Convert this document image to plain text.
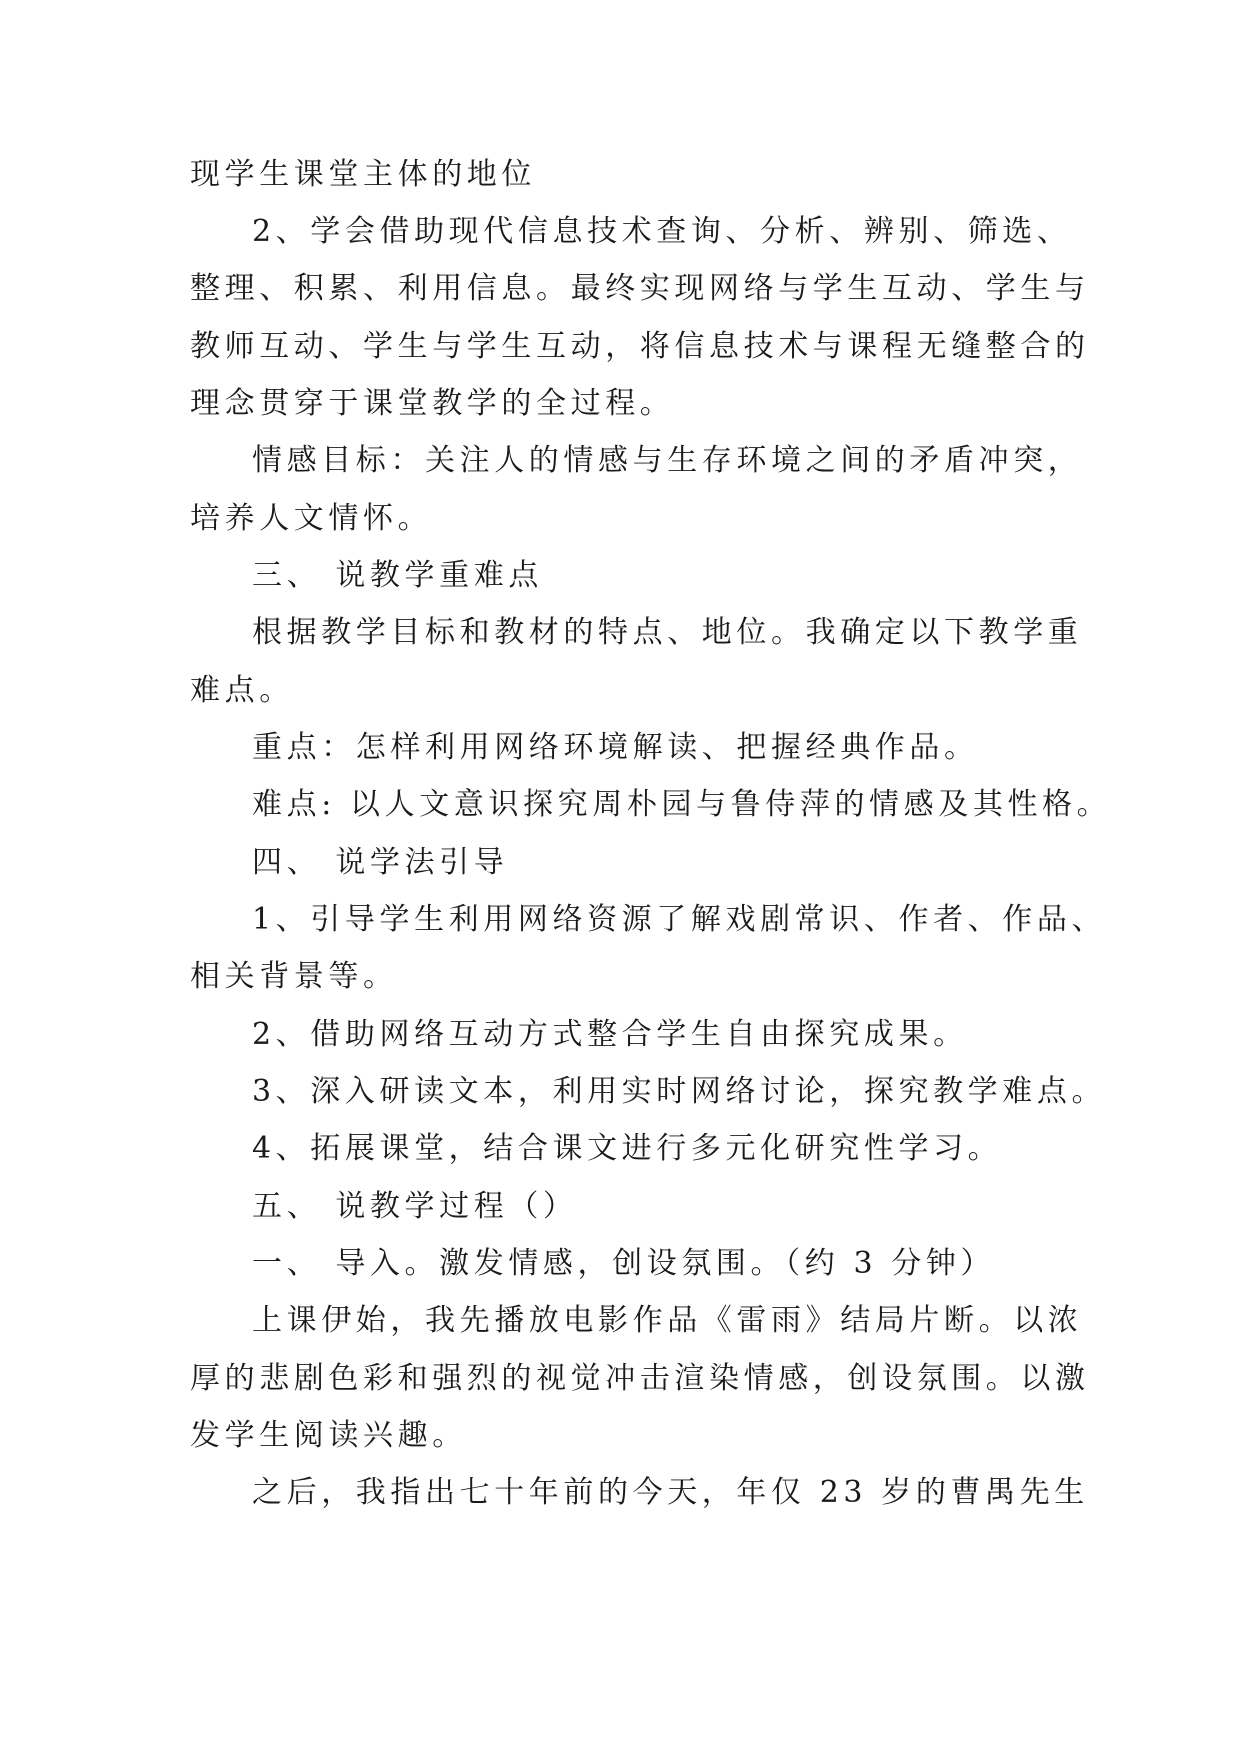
现学生课堂主体的地位
2、学会借助现代信息技术查询、分析、辨别、筛选、
整理、积累、利用信息。最终实现网络与学生互动、学生与
教师互动、学生与学生互动，将信息技术与课程无缝整合的
理念贯穿于课堂教学的全过程。
情感目标：关注人的情感与生存环境之间的矛盾冲突，
培养人文情怀。
三、 说教学重难点
根据教学目标和教材的特点、地位。我确定以下教学重
难点。
重点：怎样利用网络环境解读、把握经典作品。
难点: 以人文意识探究周朴园与鲁侍萍的情感及其性格。
四、 说学法引导
1、引导学生利用网络资源了解戏剧常识、作者、作品、
相关背景等。
2、借助网络互动方式整合学生自由探究成果。
3、深入研读文本，利用实时网络讨论，探究教学难点。
4、拓展课堂，结合课文进行多元化研究性学习。
五、 说教学过程（）
一、 导入。激发情感，创设氛围。（约 3 分钟）
上课伊始，我先播放电影作品《雷雨》结局片断。以浓
厚的悲剧色彩和强烈的视觉冲击渲染情感，创设氛围。以激
发学生阅读兴趣。
之后，我指出七十年前的今天，年仅 23 岁的曹禺先生
